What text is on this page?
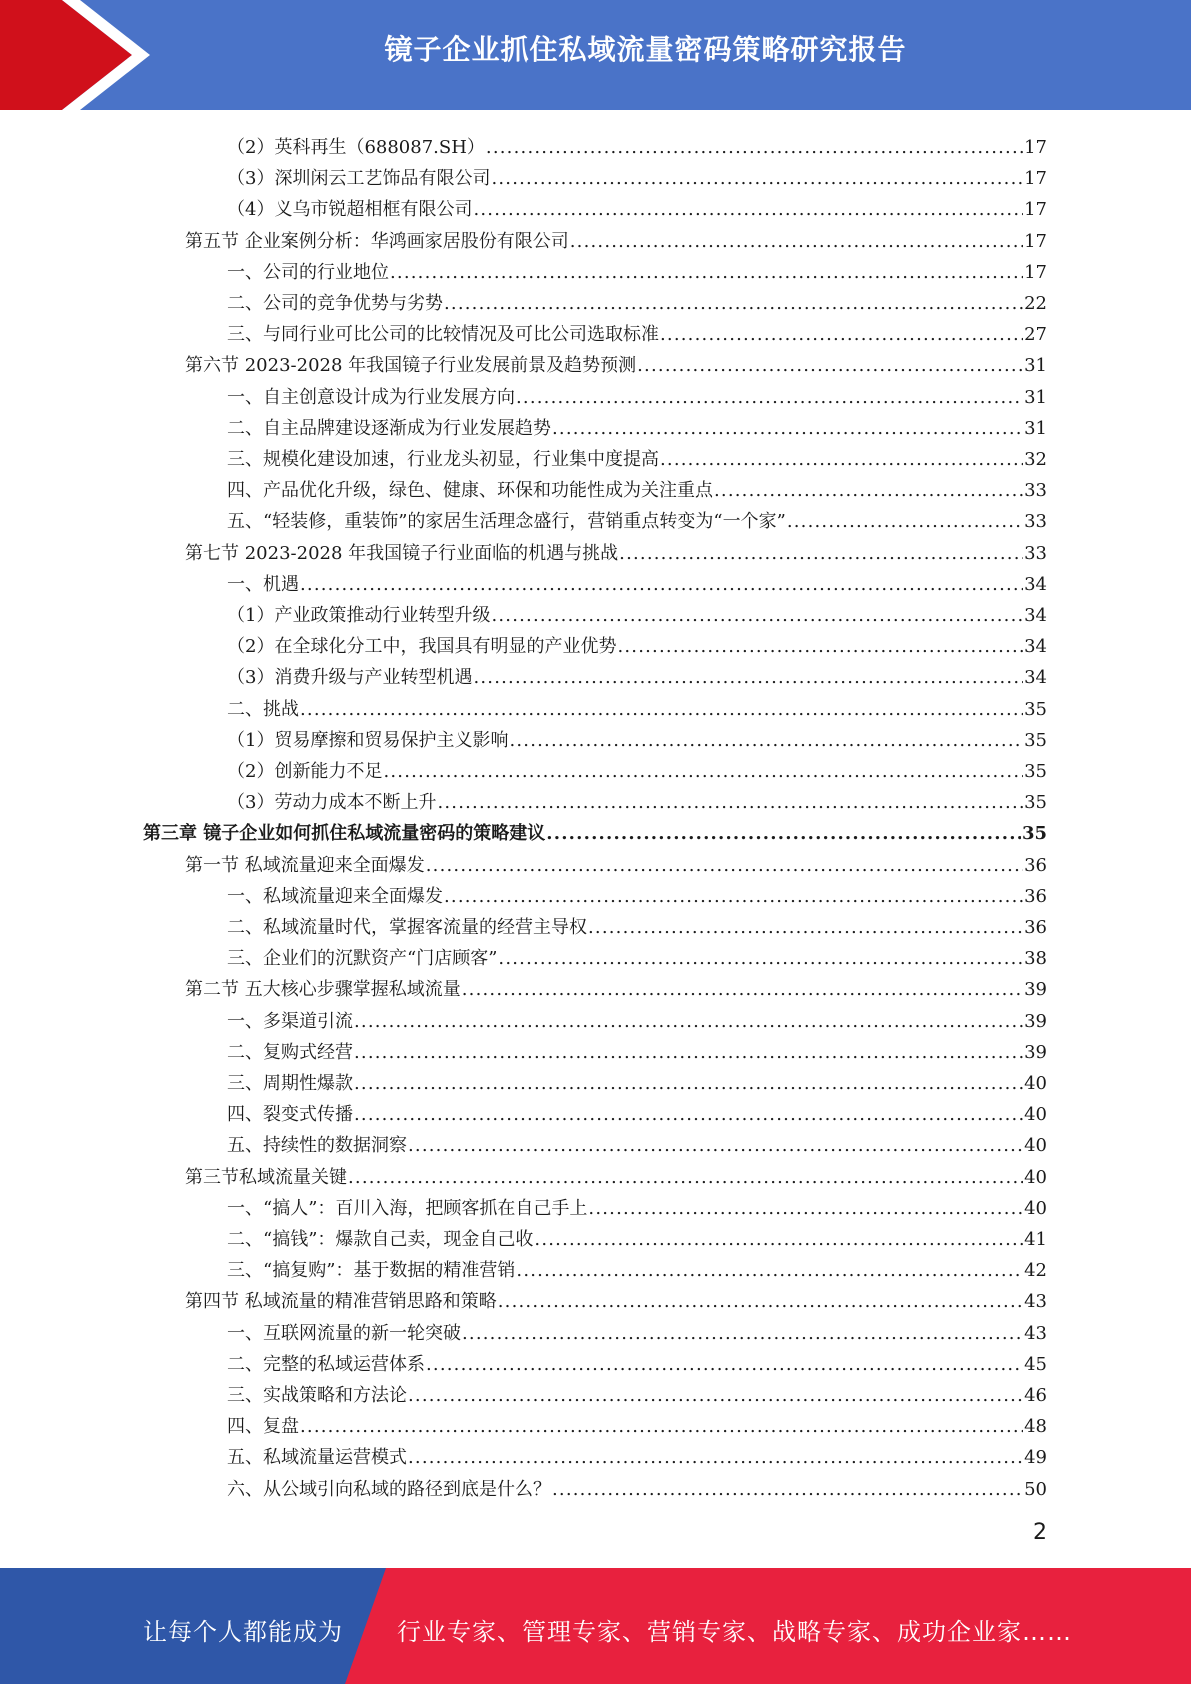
镜子企业抓住私域流量密码策略研究报告
（2）英科再生（688087.SH） .....	17
（3）深圳闲云工艺饰品有限公司 .....	17
（4）义乌市锐超相框有限公司 .....	17
第五节 企业案例分析：华鸿画家居股份有限公司 .....	17
一、公司的行业地位 .....	17
二、公司的竞争优势与劣势 .....	22
三、与同行业可比公司的比较情况及可比公司选取标准 .....	27
第六节 2023-2028 年我国镜子行业发展前景及趋势预测 .....	31
一、自主创意设计成为行业发展方向 .....	31
二、自主品牌建设逐渐成为行业发展趋势 .....	31
三、规模化建设加速，行业龙头初显，行业集中度提高 .....	32
四、产品优化升级，绿色、健康、环保和功能性成为关注重点 .....	33
五、“轻装修，重装饰”的家居生活理念盛行，营销重点转变为“一个家” .....	33
第七节 2023-2028 年我国镜子行业面临的机遇与挑战 .....	33
一、机遇 .....	34
（1）产业政策推动行业转型升级 .....	34
（2）在全球化分工中，我国具有明显的产业优势 .....	34
（3）消费升级与产业转型机遇 .....	34
二、挑战 .....	35
（1）贸易摩擦和贸易保护主义影响 .....	35
（2）创新能力不足 .....	35
（3）劳动力成本不断上升 .....	35
第三章 镜子企业如何抓住私域流量密码的策略建议 .....	35
第一节 私域流量迎来全面爆发 .....	36
一、私域流量迎来全面爆发 .....	36
二、私域流量时代，掌握客流量的经营主导权 .....	36
三、企业们的沉默资产“门店顾客” .....	38
第二节 五大核心步骤掌握私域流量 .....	39
一、多渠道引流 .....	39
二、复购式经营 .....	39
三、周期性爆款 .....	40
四、裂变式传播 .....	40
五、持续性的数据洞察 .....	40
第三节私域流量关键 .....	40
一、“搞人”：百川入海，把顾客抓在自己手上 .....	40
二、“搞钱”：爆款自己卖，现金自己收 .....	41
三、“搞复购”：基于数据的精准营销 .....	42
第四节 私域流量的精准营销思路和策略 .....	43
一、互联网流量的新一轮突破 .....	43
二、完整的私域运营体系 .....	45
三、实战策略和方法论 .....	46
四、复盘 .....	48
五、私域流量运营模式 .....	49
六、从公域引向私域的路径到底是什么？ .....	50
2
让每个人都能成为 行业专家、管理专家、营销专家、战略专家、成功企业家……
